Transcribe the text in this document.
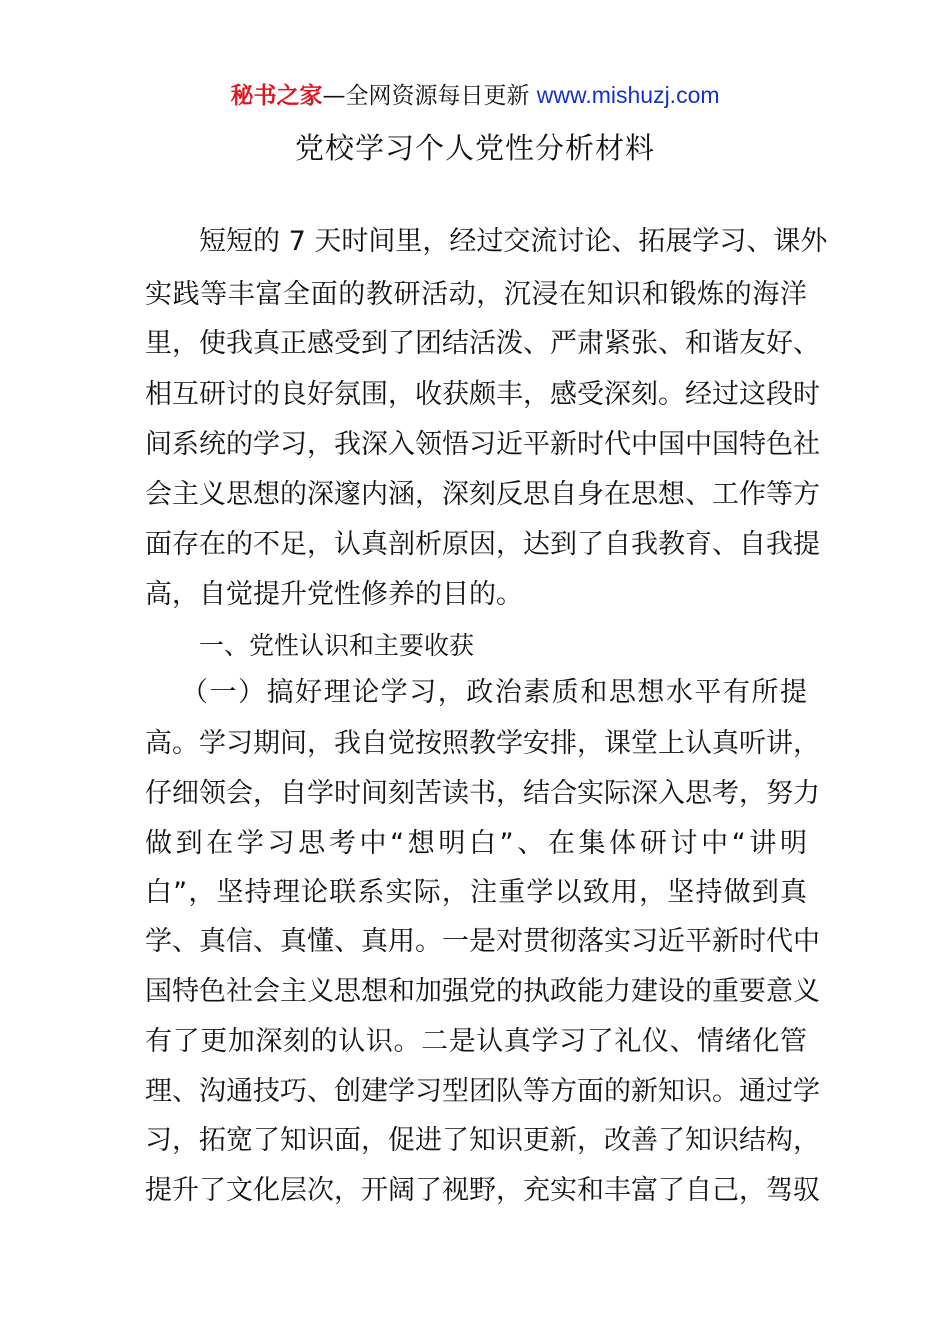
秘书之家—全网资源每日更新 www.mishuzj.com
党校学习个人党性分析材料
短短的 7 天时间里，经过交流讨论、拓展学习、课外
实践等丰富全面的教研活动，沉浸在知识和锻炼的海洋
里，使我真正感受到了团结活泼、严肃紧张、和谐友好、
相互研讨的良好氛围，收获颇丰，感受深刻。经过这段时
间系统的学习，我深入领悟习近平新时代中国中国特色社
会主义思想的深邃内涵，深刻反思自身在思想、工作等方
面存在的不足，认真剖析原因，达到了自我教育、自我提
高，自觉提升党性修养的目的。
一、党性认识和主要收获
（一）搞好理论学习，政治素质和思想水平有所提
高。学习期间，我自觉按照教学安排，课堂上认真听讲，
仔细领会，自学时间刻苦读书，结合实际深入思考，努力
做到在学习思考中“想明白”、在集体研讨中“讲明
白”，坚持理论联系实际，注重学以致用，坚持做到真
学、真信、真懂、真用。一是对贯彻落实习近平新时代中
国特色社会主义思想和加强党的执政能力建设的重要意义
有了更加深刻的认识。二是认真学习了礼仪、情绪化管
理、沟通技巧、创建学习型团队等方面的新知识。通过学
习，拓宽了知识面，促进了知识更新，改善了知识结构，
提升了文化层次，开阔了视野，充实和丰富了自己，驾驭
